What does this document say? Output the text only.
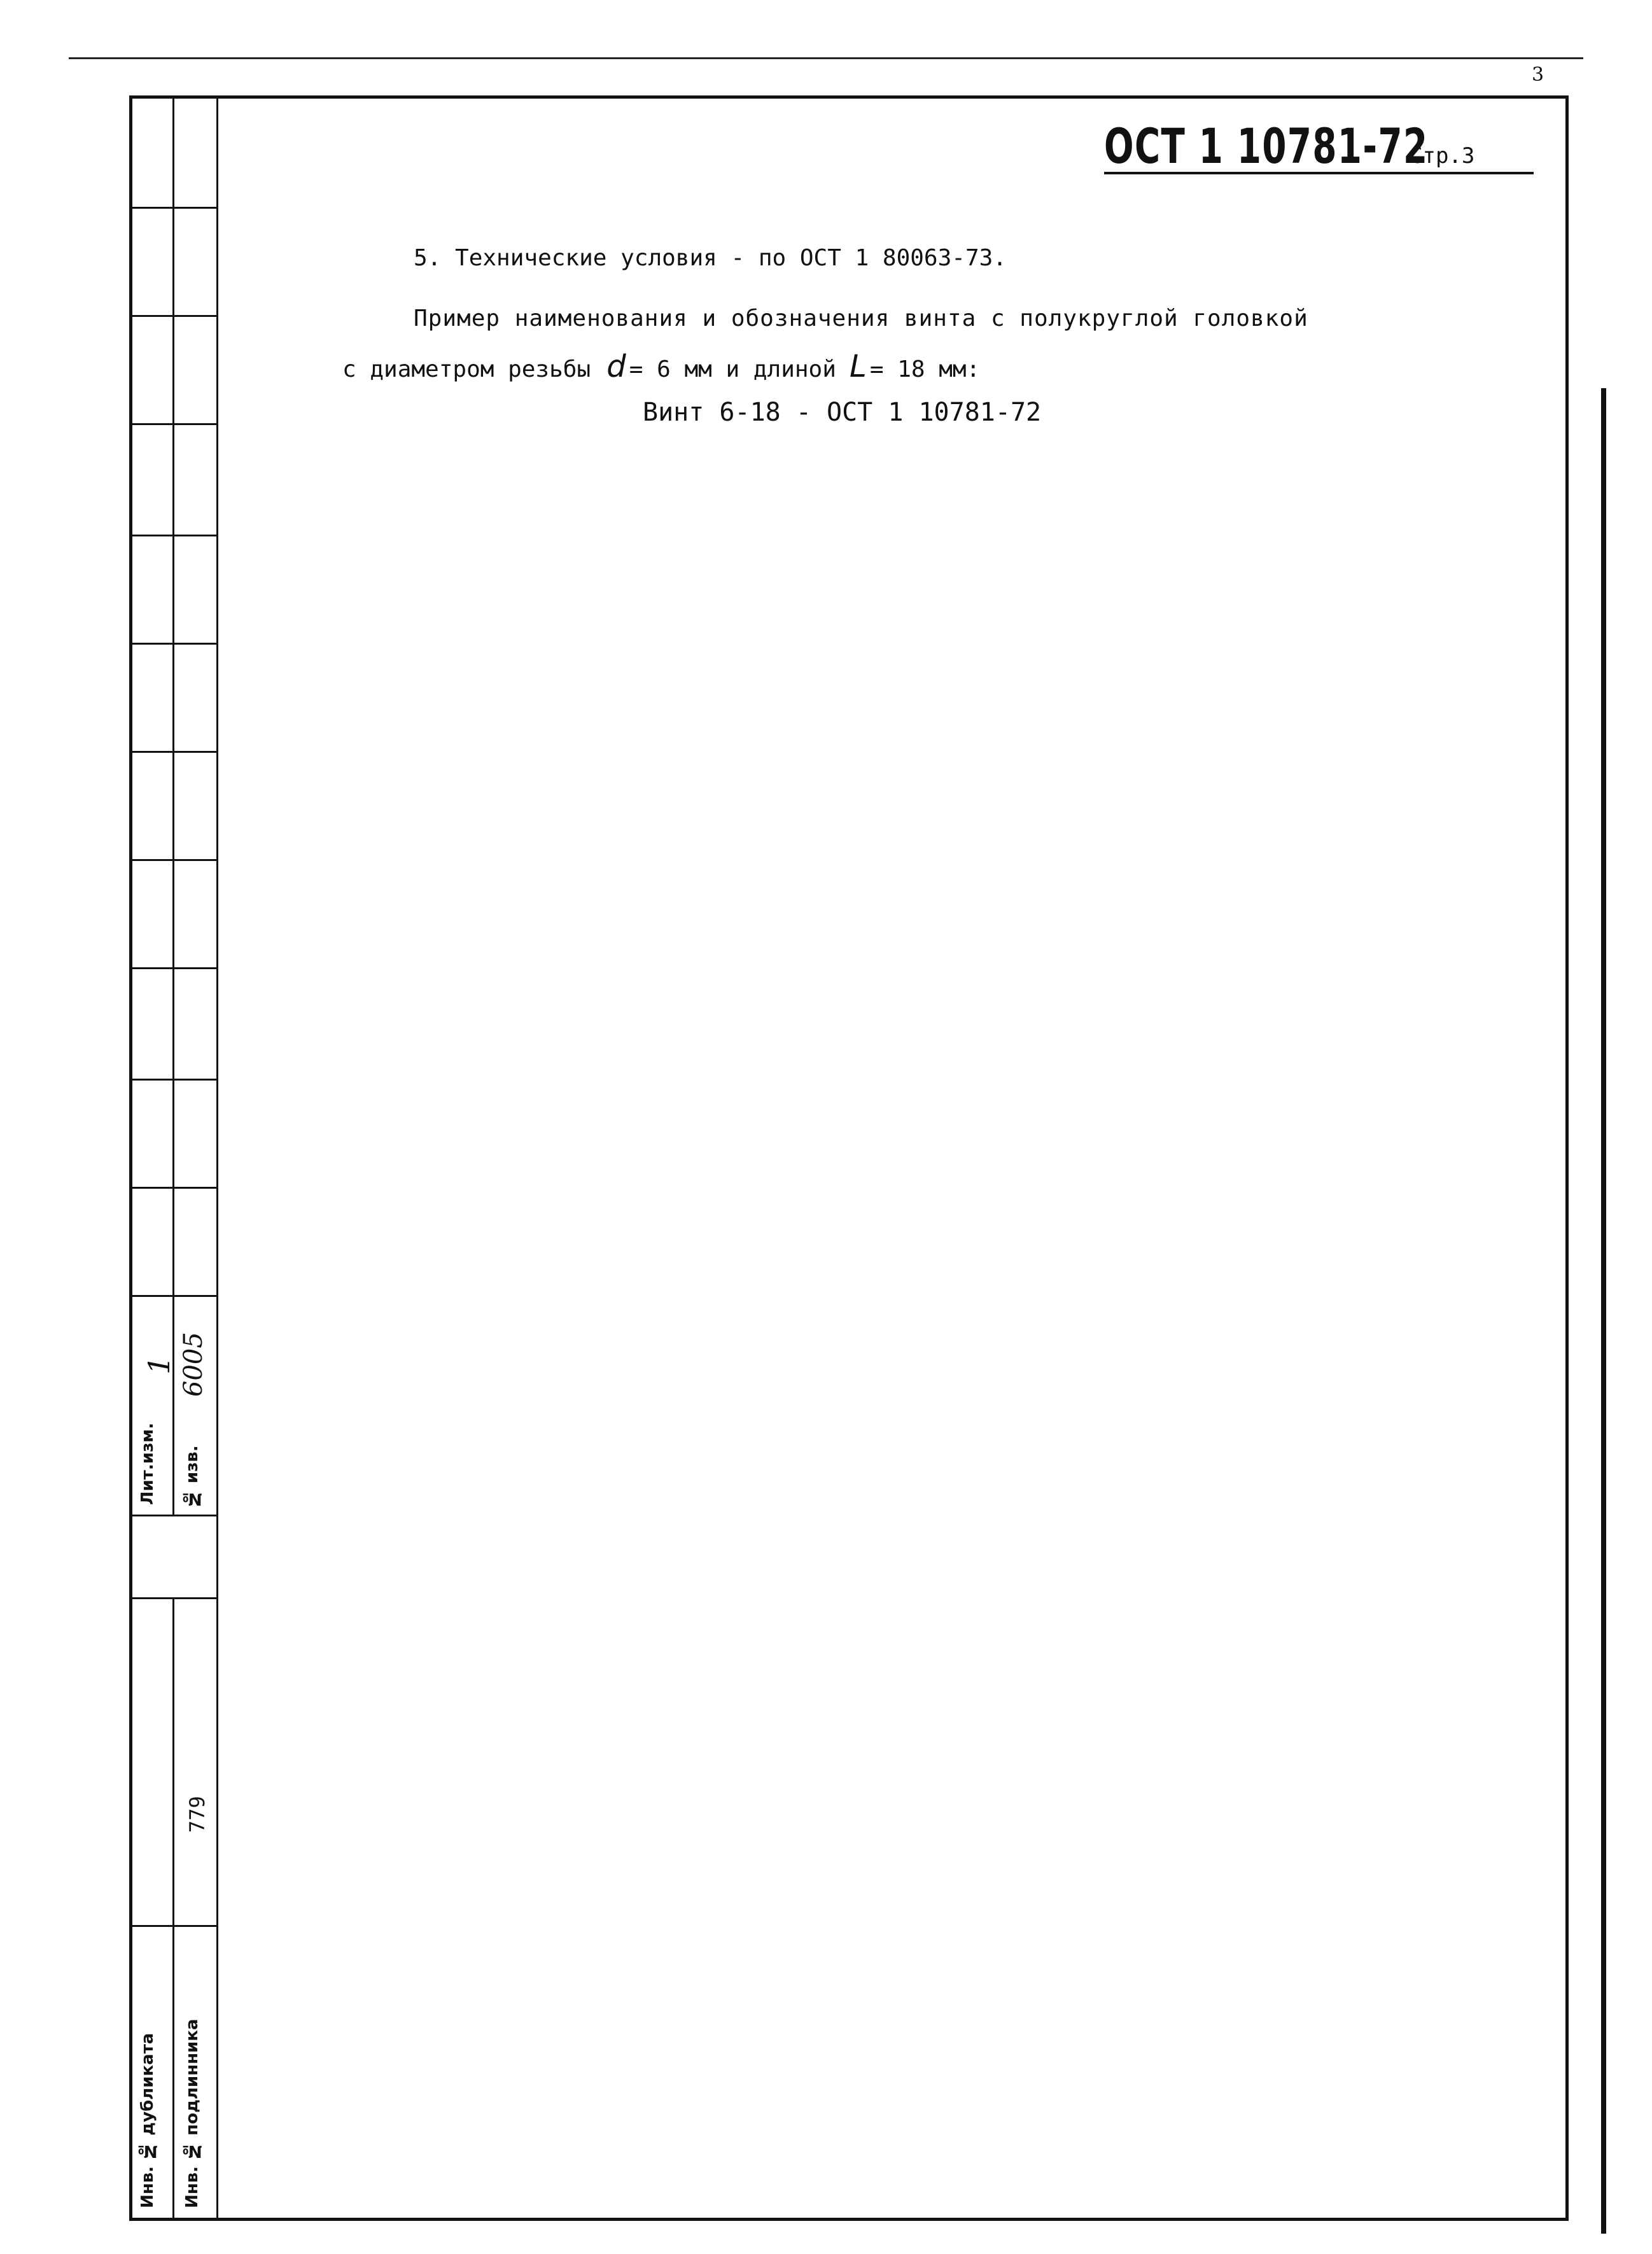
3
Лит.изм. № изв.
Инв. № дубликата Инв. № подлинника
1 6005
779
ОСТ 1 10781-72
Стр.3
5. Технические условия - по ОСТ 1 80063-73.
Пример наименования и обозначения винта с полукруглой головкой
с диаметром резьбы d = 6 мм и длиной L = 18 мм:
Винт 6-18 - ОСТ 1 10781-72
